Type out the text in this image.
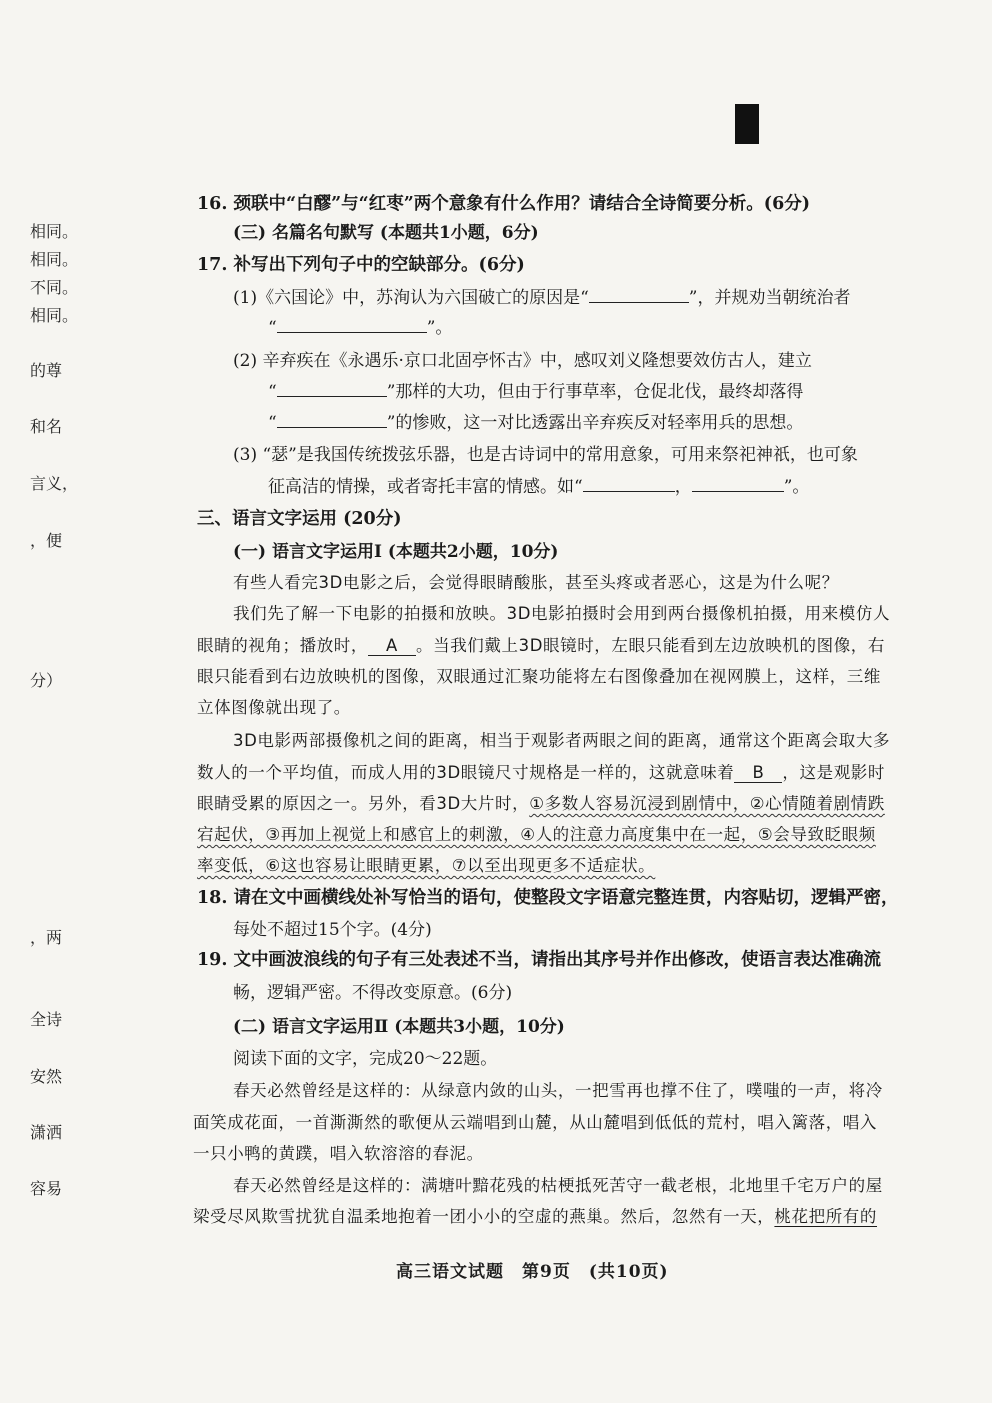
相同。
相同。
不同。
相同。
的尊
和名
言义，
，便
分）
，两
全诗
安然
潇洒
容易
16. 颈联中“白醪”与“红枣”两个意象有什么作用？请结合全诗简要分析。(6分)
(三) 名篇名句默写 (本题共1小题，6分)
17. 补写出下列句子中的空缺部分。(6分)
(1)《六国论》中，苏洵认为六国破亡的原因是“	”，并规劝当朝统治者
“	”。
(2) 辛弃疾在《永遇乐·京口北固亭怀古》中，感叹刘义隆想要效仿古人，建立
“	”那样的大功，但由于行事草率，仓促北伐，最终却落得
“	”的惨败，这一对比透露出辛弃疾反对轻率用兵的思想。
(3) “瑟”是我国传统拨弦乐器，也是古诗词中的常用意象，可用来祭祀神祇，也可象
征高洁的情操，或者寄托丰富的情感。如“	，	”。
三、语言文字运用 (20分)
(一) 语言文字运用Ⅰ (本题共2小题，10分)
有些人看完3D电影之后，会觉得眼睛酸胀，甚至头疼或者恶心，这是为什么呢？
我们先了解一下电影的拍摄和放映。3D电影拍摄时会用到两台摄像机拍摄，用来模仿人
眼睛的视角；播放时， A 。当我们戴上3D眼镜时，左眼只能看到左边放映机的图像，右
眼只能看到右边放映机的图像，双眼通过汇聚功能将左右图像叠加在视网膜上，这样，三维
立体图像就出现了。
3D电影两部摄像机之间的距离，相当于观影者两眼之间的距离，通常这个距离会取大多
数人的一个平均值，而成人用的3D眼镜尺寸规格是一样的，这就意味着 B ，这是观影时
眼睛受累的原因之一。另外，看3D大片时，①多数人容易沉浸到剧情中，②心情随着剧情跌
宕起伏，③再加上视觉上和感官上的刺激，④人的注意力高度集中在一起，⑤会导致眨眼频
率变低，⑥这也容易让眼睛更累，⑦以至出现更多不适症状。
18. 请在文中画横线处补写恰当的语句，使整段文字语意完整连贯，内容贴切，逻辑严密，
每处不超过15个字。(4分)
19. 文中画波浪线的句子有三处表述不当，请指出其序号并作出修改，使语言表达准确流
畅，逻辑严密。不得改变原意。(6分)
(二) 语言文字运用Ⅱ (本题共3小题，10分)
阅读下面的文字，完成20～22题。
春天必然曾经是这样的：从绿意内敛的山头，一把雪再也撑不住了，噗嗤的一声，将冷
面笑成花面，一首澌澌然的歌便从云端唱到山麓，从山麓唱到低低的荒村，唱入篱落，唱入
一只小鸭的黄蹼，唱入软溶溶的春泥。
春天必然曾经是这样的：满塘叶黯花残的枯梗抵死苦守一截老根，北地里千宅万户的屋
梁受尽风欺雪扰犹自温柔地抱着一团小小的空虚的燕巢。然后，忽然有一天，桃花把所有的
高三语文试题　第9页　(共10页)
